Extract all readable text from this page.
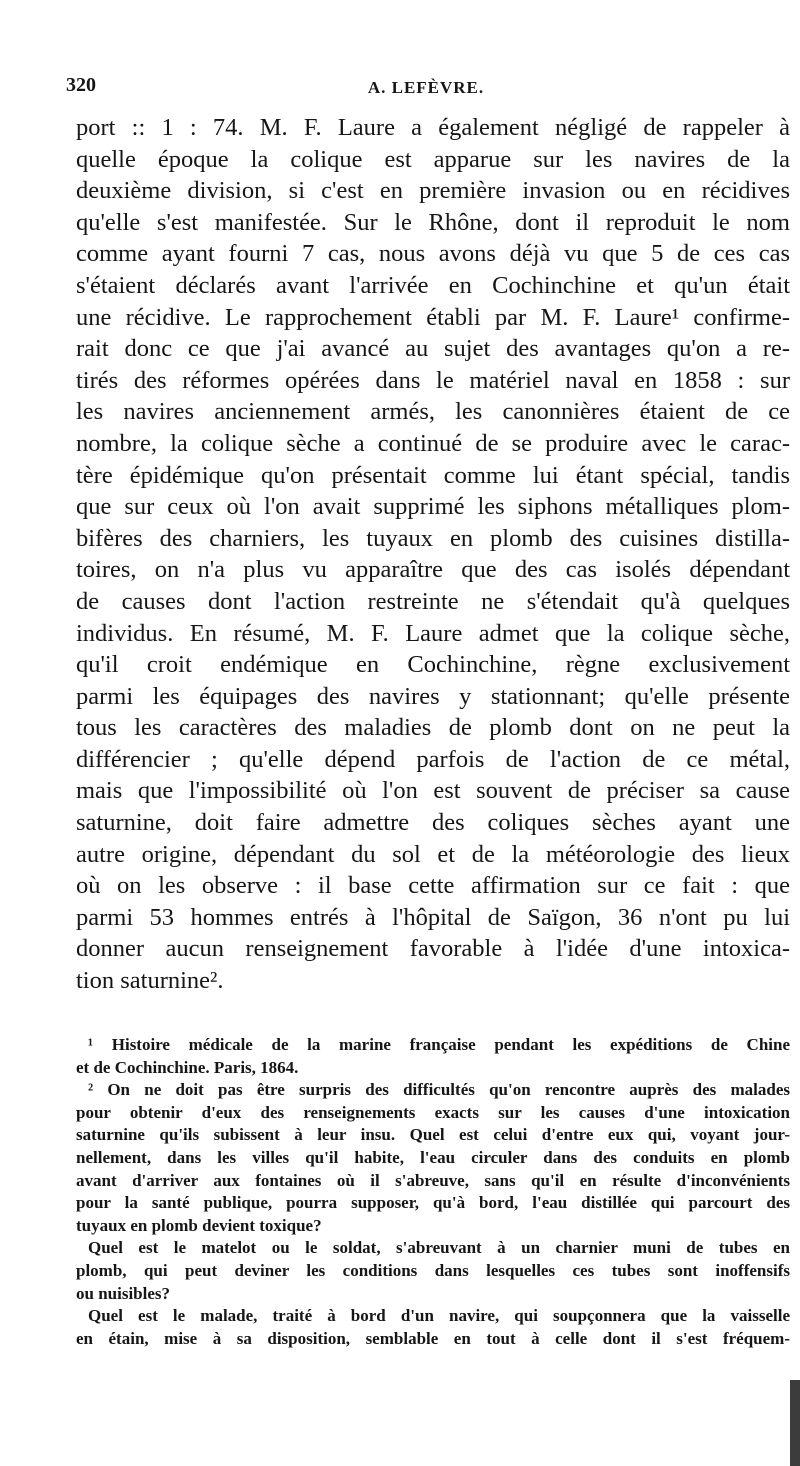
320	A. LEFÈVRE.
port :: 1 : 74. M. F. Laure a également négligé de rappeler à
quelle époque la colique est apparue sur les navires de la
deuxième division, si c'est en première invasion ou en récidives
qu'elle s'est manifestée. Sur le Rhône, dont il reproduit le nom
comme ayant fourni 7 cas, nous avons déjà vu que 5 de ces cas
s'étaient déclarés avant l'arrivée en Cochinchine et qu'un était
une récidive. Le rapprochement établi par M. F. Laure¹ confirme-
rait donc ce que j'ai avancé au sujet des avantages qu'on a re-
tirés des réformes opérées dans le matériel naval en 1858 : sur
les navires anciennement armés, les canonnières étaient de ce
nombre, la colique sèche a continué de se produire avec le carac-
tère épidémique qu'on présentait comme lui étant spécial, tandis
que sur ceux où l'on avait supprimé les siphons métalliques plom-
bifères des charniers, les tuyaux en plomb des cuisines distilla-
toires, on n'a plus vu apparaître que des cas isolés dépendant
de causes dont l'action restreinte ne s'étendait qu'à quelques
individus. En résumé, M. F. Laure admet que la colique sèche,
qu'il croit endémique en Cochinchine, règne exclusivement
parmi les équipages des navires y stationnant; qu'elle présente
tous les caractères des maladies de plomb dont on ne peut la
différencier ; qu'elle dépend parfois de l'action de ce métal,
mais que l'impossibilité où l'on est souvent de préciser sa cause
saturnine, doit faire admettre des coliques sèches ayant une
autre origine, dépendant du sol et de la météorologie des lieux
où on les observe : il base cette affirmation sur ce fait : que
parmi 53 hommes entrés à l'hôpital de Saïgon, 36 n'ont pu lui
donner aucun renseignement favorable à l'idée d'une intoxica-
tion saturnine².
¹ Histoire médicale de la marine française pendant les expéditions de Chine
et de Cochinchine. Paris, 1864.
² On ne doit pas être surpris des difficultés qu'on rencontre auprès des malades
pour obtenir d'eux des renseignements exacts sur les causes d'une intoxication
saturnine qu'ils subissent à leur insu. Quel est celui d'entre eux qui, voyant jour-
nellement, dans les villes qu'il habite, l'eau circuler dans des conduits en plomb
avant d'arriver aux fontaines où il s'abreuve, sans qu'il en résulte d'inconvénients
pour la santé publique, pourra supposer, qu'à bord, l'eau distillée qui parcourt des
tuyaux en plomb devient toxique?
Quel est le matelot ou le soldat, s'abreuvant à un charnier muni de tubes en
plomb, qui peut deviner les conditions dans lesquelles ces tubes sont inoffensifs
ou nuisibles?
Quel est le malade, traité à bord d'un navire, qui soupçonnera que la vaisselle
en étain, mise à sa disposition, semblable en tout à celle dont il s'est fréquem-
